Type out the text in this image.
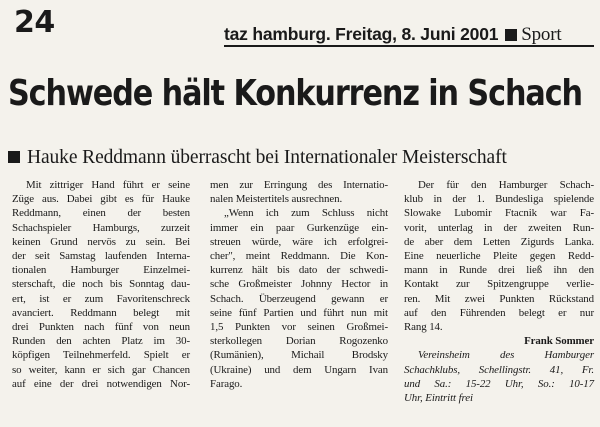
24	taz hamburg. Freitag, 8. Juni 2001 Sport
Schwede hält Konkurrenz in Schach
Hauke Reddmann überrascht bei Internationaler Meisterschaft
Mit zittriger Hand führt er seine
Züge aus. Dabei gibt es für Hauke
Reddmann, einen der besten
Schachspieler Hamburgs, zurzeit
keinen Grund nervös zu sein. Bei
der seit Samstag laufenden Interna-
tionalen Hamburger Einzelmei-
sterschaft, die noch bis Sonntag dau-
ert, ist er zum Favoritenschreck
avanciert. Reddmann belegt mit
drei Punkten nach fünf von neun
Runden den achten Platz im 30-
köpfigen Teilnehmerfeld. Spielt er
so weiter, kann er sich gar Chancen
auf eine der drei notwendigen Nor-
men zur Erringung des Internatio-
nalen Meistertitels ausrechnen.
„Wenn ich zum Schluss nicht
immer ein paar Gurkenzüge ein-
streuen würde, wäre ich erfolgrei-
cher", meint Reddmann. Die Kon-
kurrenz hält bis dato der schwedi-
sche Großmeister Johnny Hector in
Schach. Überzeugend gewann er
seine fünf Partien und führt nun mit
1,5 Punkten vor seinen Großmei-
sterkollegen Dorian Rogozenko
(Rumänien), Michail Brodsky
(Ukraine) und dem Ungarn Ivan
Farago.
Der für den Hamburger Schach-
klub in der 1. Bundesliga spielende
Slowake Lubomir Ftacnik war Fa-
vorit, unterlag in der zweiten Run-
de aber dem Letten Zigurds Lanka.
Eine neuerliche Pleite gegen Redd-
mann in Runde drei ließ ihn den
Kontakt zur Spitzengruppe verlie-
ren. Mit zwei Punkten Rückstand
auf den Führenden belegt er nur
Rang 14.
Frank Sommer
Vereinsheim des Hamburger
Schachklubs, Schellingstr. 41, Fr.
und Sa.: 15-22 Uhr, So.: 10-17
Uhr, Eintritt frei
